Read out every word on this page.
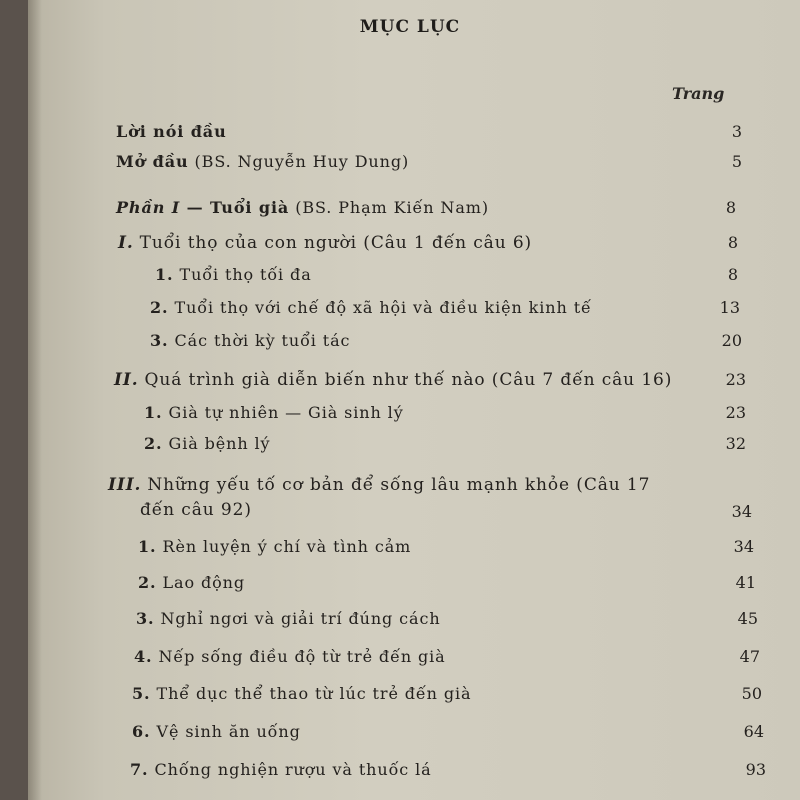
MỤC LỤC
Trang
Lời nói đầu	3
Mở đầu (BS. Nguyễn Huy Dung)	5
Phần I — Tuổi già (BS. Phạm Kiến Nam)	8
I. Tuổi thọ của con người (Câu 1 đến câu 6)	8
1. Tuổi thọ tối đa	8
2. Tuổi thọ với chế độ xã hội và điều kiện kinh tế	13
3. Các thời kỳ tuổi tác	20
II. Quá trình già diễn biến như thế nào (Câu 7 đến câu 16)	23
1. Già tự nhiên — Già sinh lý	23
2. Già bệnh lý	32
III. Những yếu tố cơ bản để sống lâu mạnh khỏe (Câu 17
đến câu 92)	34
1. Rèn luyện ý chí và tình cảm	34
2. Lao động	41
3. Nghỉ ngơi và giải trí đúng cách	45
4. Nếp sống điều độ từ trẻ đến già	47
5. Thể dục thể thao từ lúc trẻ đến già	50
6. Vệ sinh ăn uống	64
7. Chống nghiện rượu và thuốc lá	93
